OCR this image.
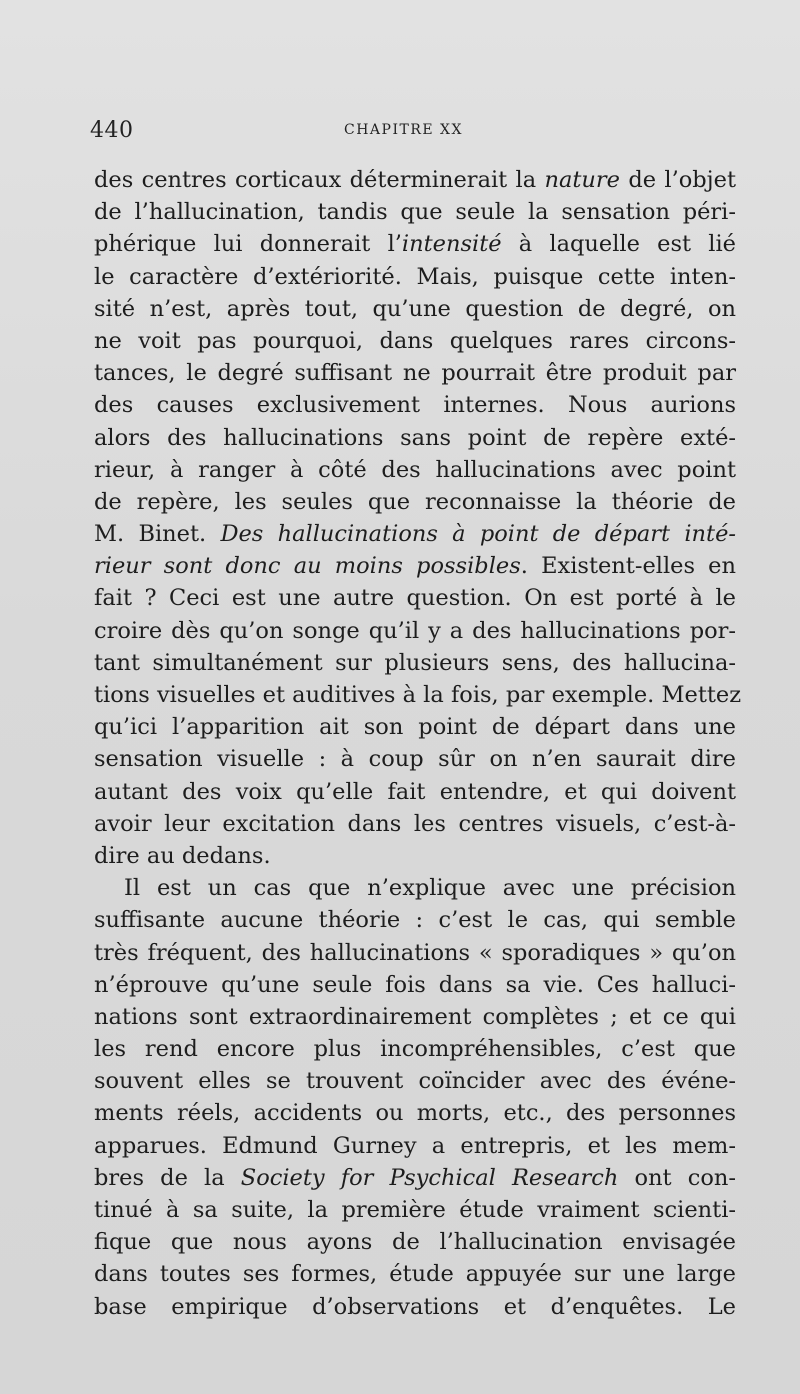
440	CHAPITRE XX
des centres corticaux déterminerait la nature de l’objet
de l’hallucination, tandis que seule la sensation péri-
phérique lui donnerait l’intensité à laquelle est lié
le caractère d’extériorité. Mais, puisque cette inten-
sité n’est, après tout, qu’une question de degré, on
ne voit pas pourquoi, dans quelques rares circons-
tances, le degré suffisant ne pourrait être produit par
des causes exclusivement internes. Nous aurions
alors des hallucinations sans point de repère exté-
rieur, à ranger à côté des hallucinations avec point
de repère, les seules que reconnaisse la théorie de
M. Binet. Des hallucinations à point de départ inté-
rieur sont donc au moins possibles. Existent-elles en
fait ? Ceci est une autre question. On est porté à le
croire dès qu’on songe qu’il y a des hallucinations por-
tant simultanément sur plusieurs sens, des hallucina-
tions visuelles et auditives à la fois, par exemple. Mettez
qu’ici l’apparition ait son point de départ dans une
sensation visuelle : à coup sûr on n’en saurait dire
autant des voix qu’elle fait entendre, et qui doivent
avoir leur excitation dans les centres visuels, c’est-à-
dire au dedans.
Il est un cas que n’explique avec une précision
suffisante aucune théorie : c’est le cas, qui semble
très fréquent, des hallucinations « sporadiques » qu’on
n’éprouve qu’une seule fois dans sa vie. Ces halluci-
nations sont extraordinairement complètes ; et ce qui
les rend encore plus incompréhensibles, c’est que
souvent elles se trouvent coïncider avec des événe-
ments réels, accidents ou morts, etc., des personnes
apparues. Edmund Gurney a entrepris, et les mem-
bres de la Society for Psychical Research ont con-
tinué à sa suite, la première étude vraiment scienti-
fique que nous ayons de l’hallucination envisagée
dans toutes ses formes, étude appuyée sur une large
base empirique d’observations et d’enquêtes. Le
